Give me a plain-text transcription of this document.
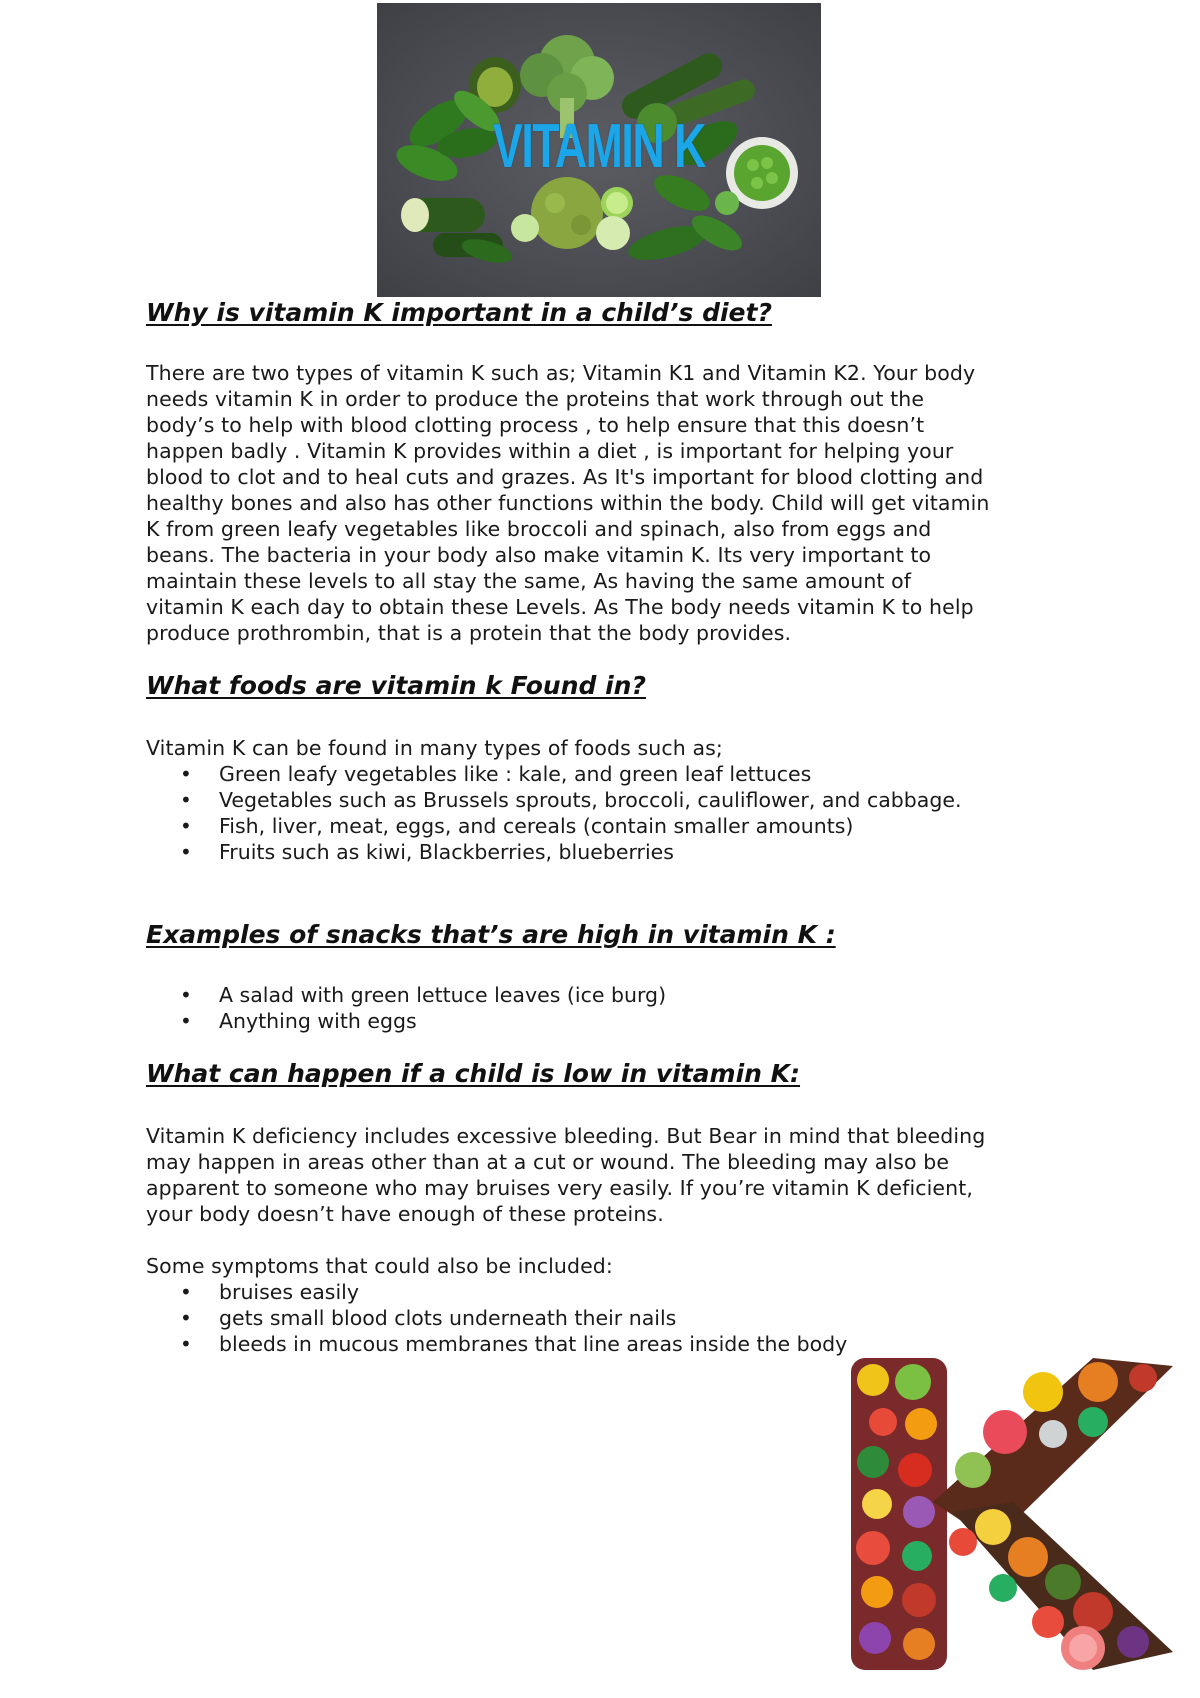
VITAMIN K
Why is vitamin K important in a child’s diet?

There are two types of vitamin K such as; Vitamin K1 and Vitamin K2. Your body

needs vitamin K in order to produce the proteins that work through out the

body’s to help with blood clotting process , to help ensure that this doesn’t

happen badly . Vitamin K provides within a diet , is important for helping your

blood to clot and to heal cuts and grazes. As It's important for blood clotting and

healthy bones and also has other functions within the body. Child will get vitamin

K from green leafy vegetables like broccoli and spinach, also from eggs and

beans. The bacteria in your body also make vitamin K. Its very important to

maintain these levels to all stay the same, As having the same amount of

vitamin K each day to obtain these Levels. As The body needs vitamin K to help

produce prothrombin, that is a protein that the body provides.

What foods are vitamin k Found in?

Vitamin K can be found in many types of foods such as;

• Green leafy vegetables like : kale, and green leaf lettuces
• Vegetables such as Brussels sprouts, broccoli, cauliflower, and cabbage.
• Fish, liver, meat, eggs, and cereals (contain smaller amounts)
• Fruits such as kiwi, Blackberries, blueberries
Examples of snacks that’s are high in vitamin K :
• A salad with green lettuce leaves (ice burg)
• Anything with eggs
What can happen if a child is low in vitamin K:

Vitamin K deficiency includes excessive bleeding. But Bear in mind that bleeding

may happen in areas other than at a cut or wound. The bleeding may also be

apparent to someone who may bruises very easily. If you’re vitamin K deficient,

your body doesn’t have enough of these proteins.

Some symptoms that could also be included:

• bruises easily
• gets small blood clots underneath their nails
• bleeds in mucous membranes that line areas inside the body
